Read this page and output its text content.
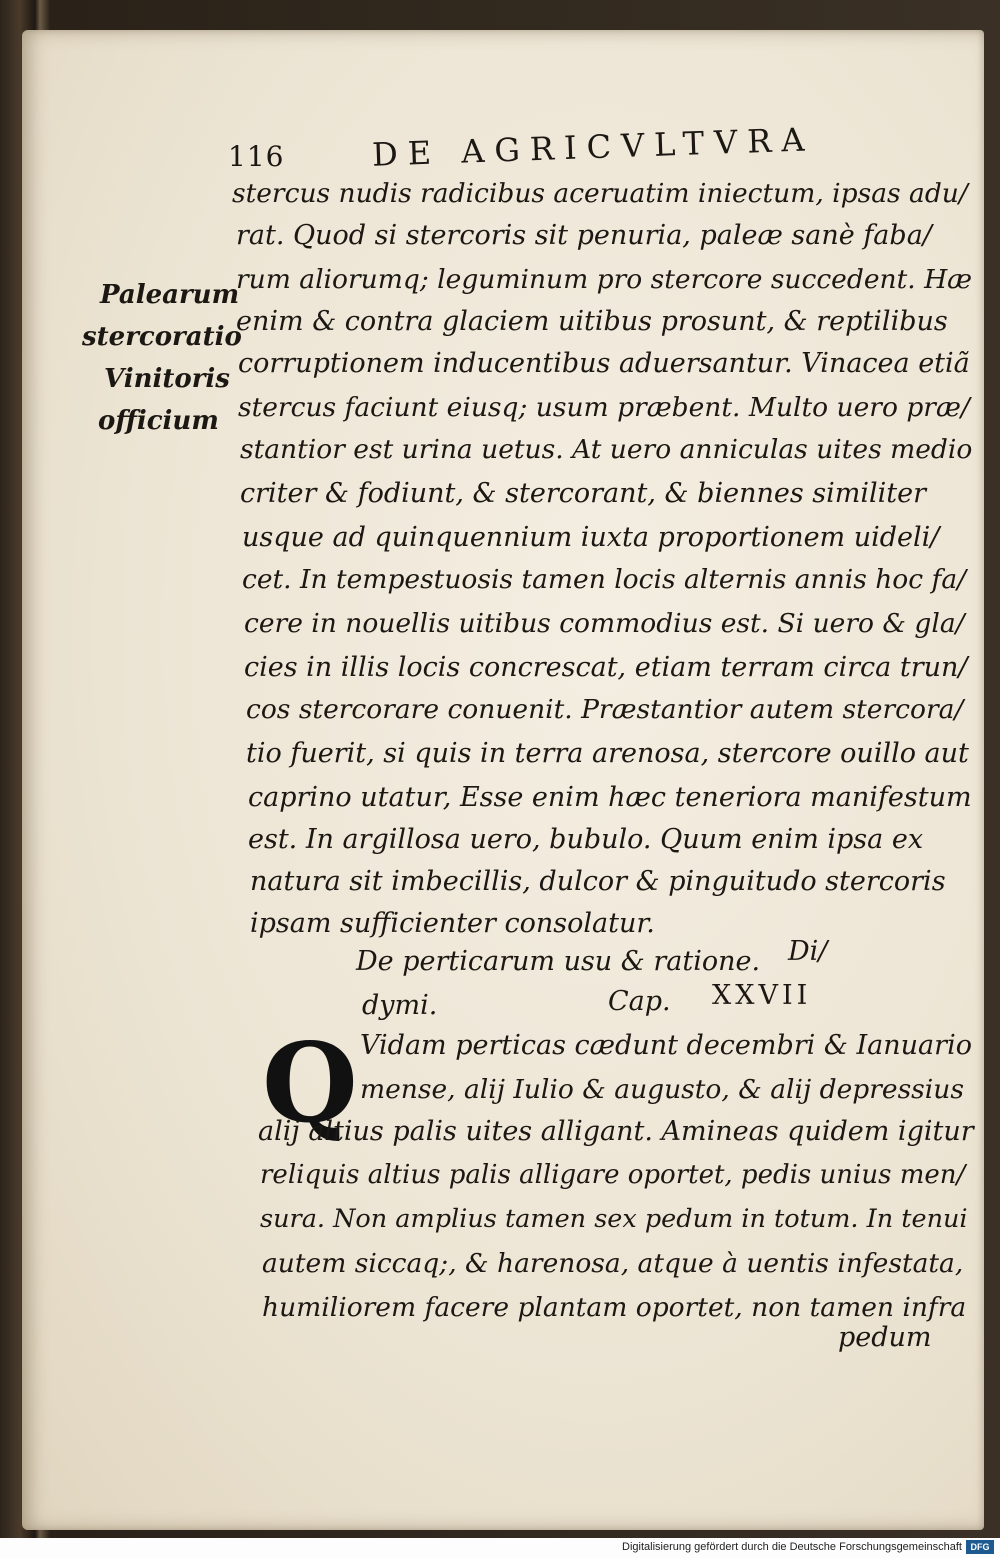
116	DE AGRICVLTVRA
Palearum
stercoratio
Vinitoris
officium
stercus nudis radicibus aceruatim iniectum, ipsas adu/
rat. Quod si stercoris sit penuria, paleæ sanè faba/
rum aliorumq; leguminum pro stercore succedent. Hæ
enim & contra glaciem uitibus prosunt, & reptilibus
corruptionem inducentibus aduersantur. Vinacea etiã
stercus faciunt eiusq; usum præbent. Multo uero præ/
stantior est urina uetus. At uero anniculas uites medio
criter & fodiunt, & stercorant, & biennes similiter
usque ad quinquennium iuxta proportionem uideli/
cet. In tempestuosis tamen locis alternis annis hoc fa/
cere in nouellis uitibus commodius est. Si uero & gla/
cies in illis locis concrescat, etiam terram circa trun/
cos stercorare conuenit. Præstantior autem stercora/
tio fuerit, si quis in terra arenosa, stercore ouillo aut
caprino utatur, Esse enim hæc teneriora manifestum
est. In argillosa uero, bubulo. Quum enim ipsa ex
natura sit imbecillis, dulcor & pinguitudo stercoris
ipsam sufficienter consolatur.
De perticarum usu & ratione. Di/
dymi.	Cap. XXVII
Q Vidam perticas cædunt decembri & Ianuario
mense, alij Iulio & augusto, & alij depressius
alij altius palis uites alligant. Amineas quidem igitur
reliquis altius palis alligare oportet, pedis unius men/
sura. Non amplius tamen sex pedum in totum. In tenui
autem siccaq;, & harenosa, atque à uentis infestata,
humiliorem facere plantam oportet, non tamen infra
pedum
Digitalisierung gefördert durch die Deutsche Forschungsgemeinschaft DFG
